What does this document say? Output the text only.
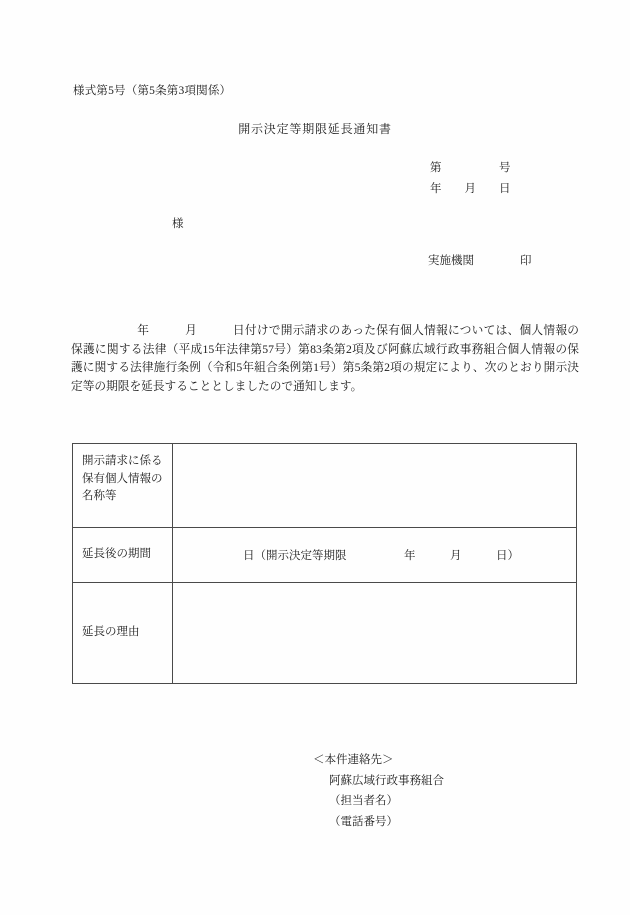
様式第5号（第5条第3項関係）
開示決定等期限延長通知書
第　　　　　号
年　　月　　日
様
実施機関　　　　印
年　　　月　　　日付けで開示請求のあった保有個人情報については、個人情報の保護に関する法律（平成15年法律第57号）第83条第2項及び阿蘇広域行政事務組合個人情報の保護に関する法律施行条例（令和5年組合条例第1号）第5条第2項の規定により、次のとおり開示決定等の期限を延長することとしましたので通知します。
開示請求に係る
保有個人情報の
名称等	
延長後の期間	日（開示決定等期限　　　　　年　　　月　　　日）
延長の理由	
＜本件連絡先＞
阿蘇広域行政事務組合
（担当者名）
（電話番号）
